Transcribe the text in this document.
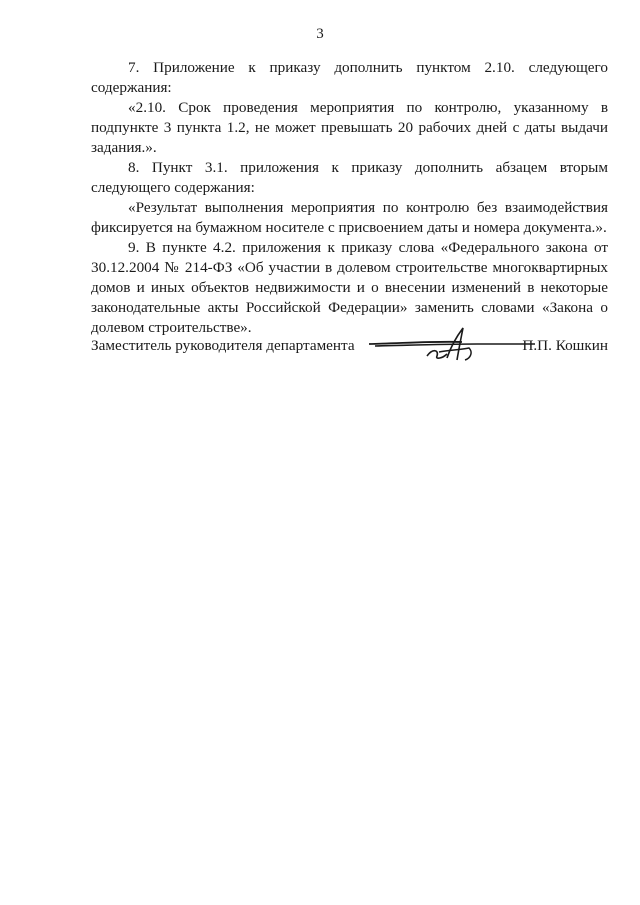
3

7. Приложение к приказу дополнить пунктом 2.10. следующего содержания:

«2.10. Срок проведения мероприятия по контролю, указанному в подпункте 3 пункта 1.2, не может превышать 20 рабочих дней с даты выдачи задания.».

8. Пункт 3.1. приложения к приказу дополнить абзацем вторым следующего содержания:

«Результат выполнения мероприятия по контролю без взаимодействия фиксируется на бумажном носителе с присвоением даты и номера документа.».

9. В пункте 4.2. приложения к приказу слова «Федерального закона от 30.12.2004 № 214-ФЗ «Об участии в долевом строительстве многоквартирных домов и иных объектов недвижимости и о внесении изменений в некоторые законодательные акты Российской Федерации» заменить словами «Закона о долевом строительстве».

Заместитель руководителя департамента	П.П. Кошкин
